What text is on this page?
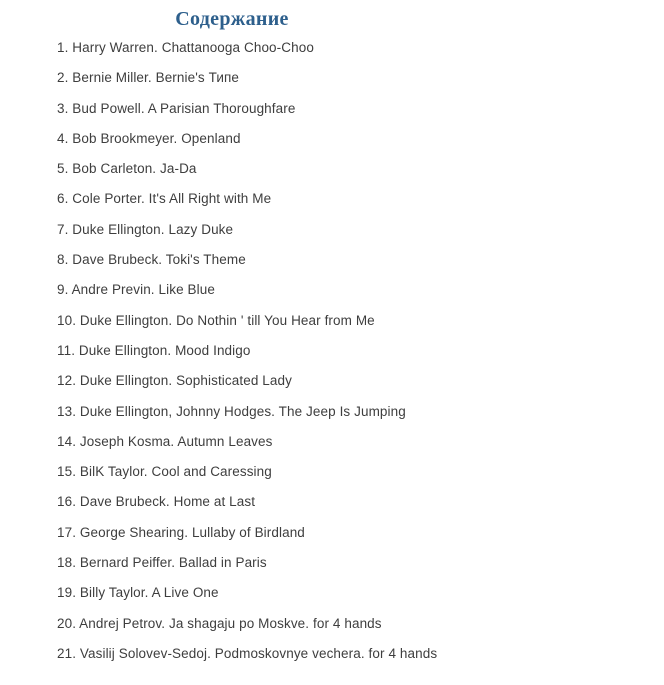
Содержание
1. Harry Warren. Chattanooga Choo-Choo
2. Bernie Miller. Bernie's Типе
3. Bud Powell. A Parisian Thoroughfare
4. Bob Brookmeyer. Openland
5. Bob Carleton. Ja-Da
6. Cole Porter. It's All Right with Me
7. Duke Ellington. Lazy Duke
8. Dave Brubeck. Toki's Theme
9. Andre Previn. Like Blue
10. Duke Ellington. Do Nothin ' till You Hear from Me
11. Duke Ellington. Mood Indigo
12. Duke Ellington. Sophisticated Lady
13. Duke Ellington, Johnny Hodges. The Jeep Is Jumping
14. Joseph Kosma. Autumn Leaves
15. BilK Taylor. Cool and Caressing
16. Dave Brubeck. Home at Last
17. George Shearing. Lullaby of Birdland
18. Bernard Peiffer. Ballad in Paris
19. Billy Taylor. A Live One
20. Andrej Petrov. Ja shagaju po Moskve. for 4 hands
21. Vasilij Solovev-Sedoj. Podmoskovnye vechera. for 4 hands
